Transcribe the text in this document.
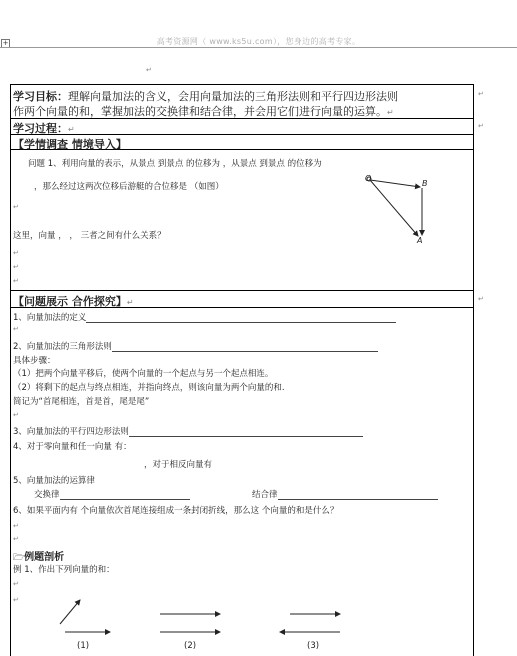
+	高考资源网（ www.ks5u.com），您身边的高考专家。
↵
学习目标：理解向量加法的含义，会用向量加法的三角形法则和平行四边形法则
作两个向量的和，掌握加法的交换律和结合律，并会用它们进行向量的运算。↵
学习过程：↵
【学情调查 情境导入】
问题 1、利用向量的表示，从景点 到景点 的位移为 ，从景点 到景点 的位移为
，那么经过这两次位移后游艇的合位移是 （如图）
这里，向量 ， ， 三者之间有什么关系？
↵
↵
↵
↵
O
B
A
【问题展示 合作探究】↵
1、向量加法的定义
↵
2、向量加法的三角形法则
具体步骤：
（1）把两个向量平移后，使两个向量的一个起点与另一个起点相连。
（2）将剩下的起点与终点相连，并指向终点，则该向量为两个向量的和.
简记为“首尾相连，首是首，尾是尾”
↵
3、向量加法的平行四边形法则
4、对于零向量和任一向量 有：
，对于相反向量有
5、向量加法的运算律
交换律	结合律
6、如果平面内有 个向量依次首尾连接组成一条封闭折线，那么这 个向量的和是什么？
↵
↵
🗁例题剖析
例 1、作出下列向量的和：
↵
↵
(1)	(2)	(3)
↵
↵
↵
